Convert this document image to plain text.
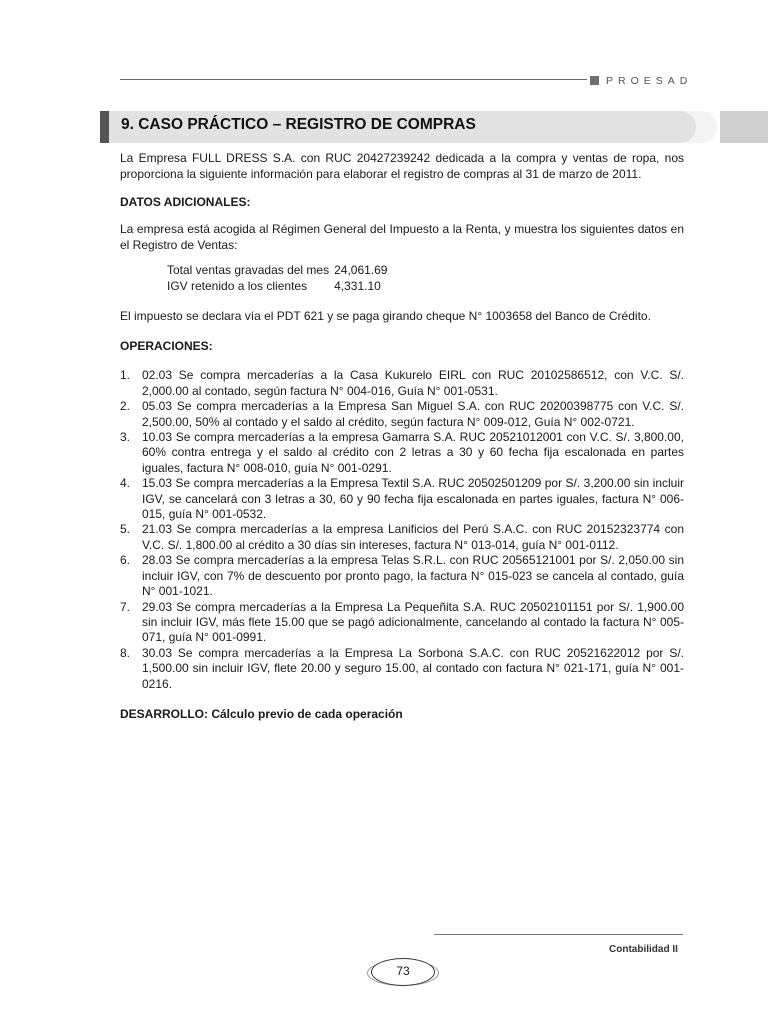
PROESAD
9. CASO PRÁCTICO – REGISTRO DE COMPRAS

La Empresa FULL DRESS S.A. con RUC 20427239242 dedicada a la compra y ventas de ropa, nos proporciona la siguiente información para elaborar el registro de compras al 31 de marzo de 2011.

DATOS ADICIONALES:

La empresa está acogida al Régimen General del Impuesto a la Renta, y muestra los siguientes datos en el Registro de Ventas:

Total ventas gravadas del mes	24,061.69
IGV retenido a los clientes	4,331.10

El impuesto se declara vía el PDT 621 y se paga girando cheque N° 1003658 del Banco de Crédito.

OPERACIONES:

1. 02.03 Se compra mercaderías a la Casa Kukurelo EIRL con RUC 20102586512, con V.C. S/. 2,000.00 al contado, según factura N° 004-016, Guía N° 001-0531.
2. 05.03 Se compra mercaderías a la Empresa San Miguel S.A. con RUC 20200398775 con V.C. S/. 2,500.00, 50% al contado y el saldo al crédito, según factura N° 009-012, Guía N° 002-0721.
3. 10.03 Se compra mercaderías a la empresa Gamarra S.A. RUC 20521012001 con V.C. S/. 3,800.00, 60% contra entrega y el saldo al crédito con 2 letras a 30 y 60 fecha fija escalonada en partes iguales, factura N° 008-010, guía N° 001-0291.
4. 15.03 Se compra mercaderías a la Empresa Textil S.A. RUC 20502501209 por S/. 3,200.00 sin incluir IGV, se cancelará con 3 letras a 30, 60 y 90 fecha fija escalonada en partes iguales, factura N° 006-015, guía N° 001-0532.
5. 21.03 Se compra mercaderías a la empresa Lanificios del Perú S.A.C. con RUC 20152323774 con V.C. S/. 1,800.00 al crédito a 30 días sin intereses, factura N° 013-014, guía N° 001-0112.
6. 28.03 Se compra mercaderías a la empresa Telas S.R.L. con RUC 20565121001 por S/. 2,050.00 sin incluir IGV, con 7% de descuento por pronto pago, la factura N° 015-023 se cancela al contado, guía N° 001-1021.
7. 29.03 Se compra mercaderías a la Empresa La Pequeñita S.A. RUC 20502101151 por S/. 1,900.00 sin incluir IGV, más flete 15.00 que se pagó adicionalmente, cancelando al contado la factura N° 005-071, guía N° 001-0991.
8. 30.03 Se compra mercaderías a la Empresa La Sorbona S.A.C. con RUC 20521622012 por S/. 1,500.00 sin incluir IGV, flete 20.00 y seguro 15.00, al contado con factura N° 021-171, guía N° 001-0216.

DESARROLLO: Cálculo previo de cada operación

Contabilidad II
73
